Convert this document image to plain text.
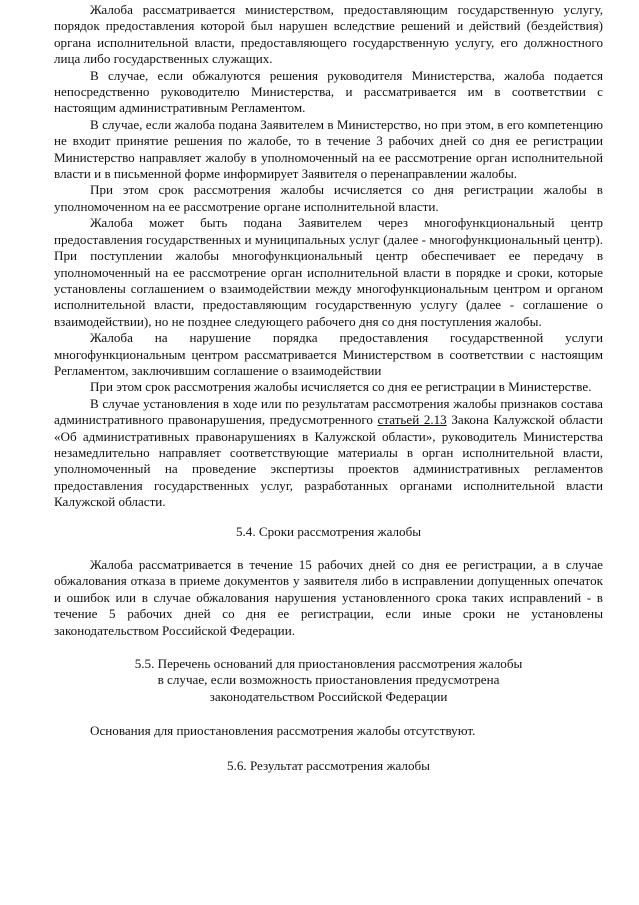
Жалоба рассматривается министерством, предоставляющим государственную услугу, порядок предоставления которой был нарушен вследствие решений и действий (бездействия) органа исполнительной власти, предоставляющего государственную услугу, его должностного лица либо государственных служащих.

В случае, если обжалуются решения руководителя Министерства, жалоба подается непосредственно руководителю Министерства, и рассматривается им в соответствии с настоящим административным Регламентом.

В случае, если жалоба подана Заявителем в Министерство, но при этом, в его компетенцию не входит принятие решения по жалобе, то в течение 3 рабочих дней со дня ее регистрации Министерство направляет жалобу в уполномоченный на ее рассмотрение орган исполнительной власти и в письменной форме информирует Заявителя о перенаправлении жалобы.

При этом срок рассмотрения жалобы исчисляется со дня регистрации жалобы в уполномоченном на ее рассмотрение органе исполнительной власти.

Жалоба может быть подана Заявителем через многофункциональный центр предоставления государственных и муниципальных услуг (далее - многофункциональный центр). При поступлении жалобы многофункциональный центр обеспечивает ее передачу в уполномоченный на ее рассмотрение орган исполнительной власти в порядке и сроки, которые установлены соглашением о взаимодействии между многофункциональным центром и органом исполнительной власти, предоставляющим государственную услугу (далее - соглашение о взаимодействии), но не позднее следующего рабочего дня со дня поступления жалобы.

Жалоба на нарушение порядка предоставления государственной услуги многофункциональным центром рассматривается Министерством в соответствии с настоящим Регламентом, заключившим соглашение о взаимодействии

При этом срок рассмотрения жалобы исчисляется со дня ее регистрации в Министерстве.

В случае установления в ходе или по результатам рассмотрения жалобы признаков состава административного правонарушения, предусмотренного статьей 2.13 Закона Калужской области «Об административных правонарушениях в Калужской области», руководитель Министерства незамедлительно направляет соответствующие материалы в орган исполнительной власти, уполномоченный на проведение экспертизы проектов административных регламентов предоставления государственных услуг, разработанных органами исполнительной власти Калужской области.

5.4. Сроки рассмотрения жалобы

Жалоба рассматривается в течение 15 рабочих дней со дня ее регистрации, а в случае обжалования отказа в приеме документов у заявителя либо в исправлении допущенных опечаток и ошибок или в случае обжалования нарушения установленного срока таких исправлений - в течение 5 рабочих дней со дня ее регистрации, если иные сроки не установлены законодательством Российской Федерации.

5.5. Перечень оснований для приостановления рассмотрения жалобы

в случае, если возможность приостановления предусмотрена

законодательством Российской Федерации

Основания для приостановления рассмотрения жалобы отсутствуют.

5.6. Результат рассмотрения жалобы
